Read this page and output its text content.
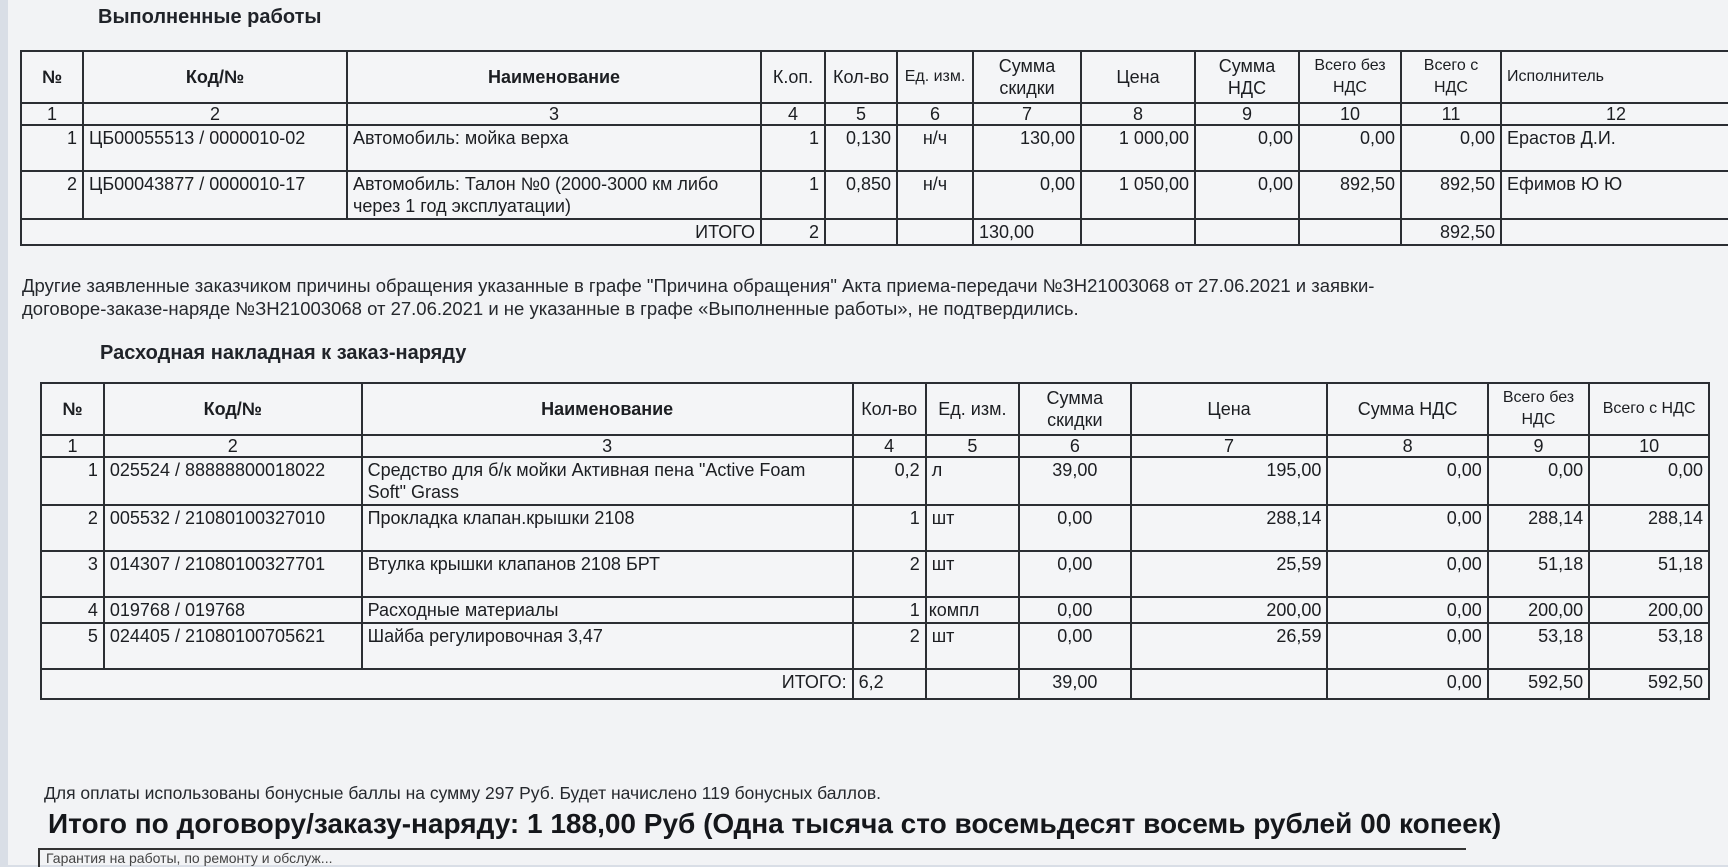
Выполненные работы
№	Код/№	Наименование	К.оп.	Кол-во	Ед. изм.	Сумма скидки	Цена	Сумма НДС	Всего без НДС	Всего с НДС	Исполнитель
1	2	3	4	5	6	7	8	9	10	11	12
1	ЦБ00055513 / 0000010-02	Автомобиль: мойка верха	1	0,130	н/ч	130,00	1 000,00	0,00	0,00	0,00	Ерастов Д.И.
2	ЦБ00043877 / 0000010-17	Автомобиль: Талон №0 (2000-3000 км либо через 1 год эксплуатации)	1	0,850	н/ч	0,00	1 050,00	0,00	892,50	892,50	Ефимов Ю Ю
ИТОГО			2			130,00				892,50	
Другие заявленные заказчиком причины обращения указанные в графе "Причина обращения" Акта приема-передачи №ЗН21003068 от 27.06.2021 и заявки-договоре-заказе-наряде №ЗН21003068 от 27.06.2021 и не указанные в графе «Выполненные работы», не подтвердились.
Расходная накладная к заказ-наряду
№	Код/№	Наименование	Кол-во	Ед. изм.	Сумма скидки	Цена	Сумма НДС	Всего без НДС	Всего с НДС
1	2	3	4	5	6	7	8	9	10
1	025524 / 88888800018022	Средство для б/к мойки Активная пена "Active Foam Soft" Grass	0,2	л	39,00	195,00	0,00	0,00	0,00
2	005532 / 21080100327010	Прокладка клапан.крышки 2108	1	шт	0,00	288,14	0,00	288,14	288,14
3	014307 / 21080100327701	Втулка крышки клапанов 2108 БРТ	2	шт	0,00	25,59	0,00	51,18	51,18
4	019768 / 019768	Расходные материалы	1	компл	0,00	200,00	0,00	200,00	200,00
5	024405 / 21080100705621	Шайба регулировочная 3,47	2	шт	0,00	26,59	0,00	53,18	53,18
ИТОГО:			6,2		39,00		0,00	592,50	592,50
Для оплаты использованы бонусные баллы на сумму 297 Руб. Будет начислено 119 бонусных баллов.
Итого по договору/заказу-наряду: 1 188,00 Руб (Одна тысяча сто восемьдесят восемь рублей 00 копеек)
Гарантия на работы, по ремонту и обслуж...
